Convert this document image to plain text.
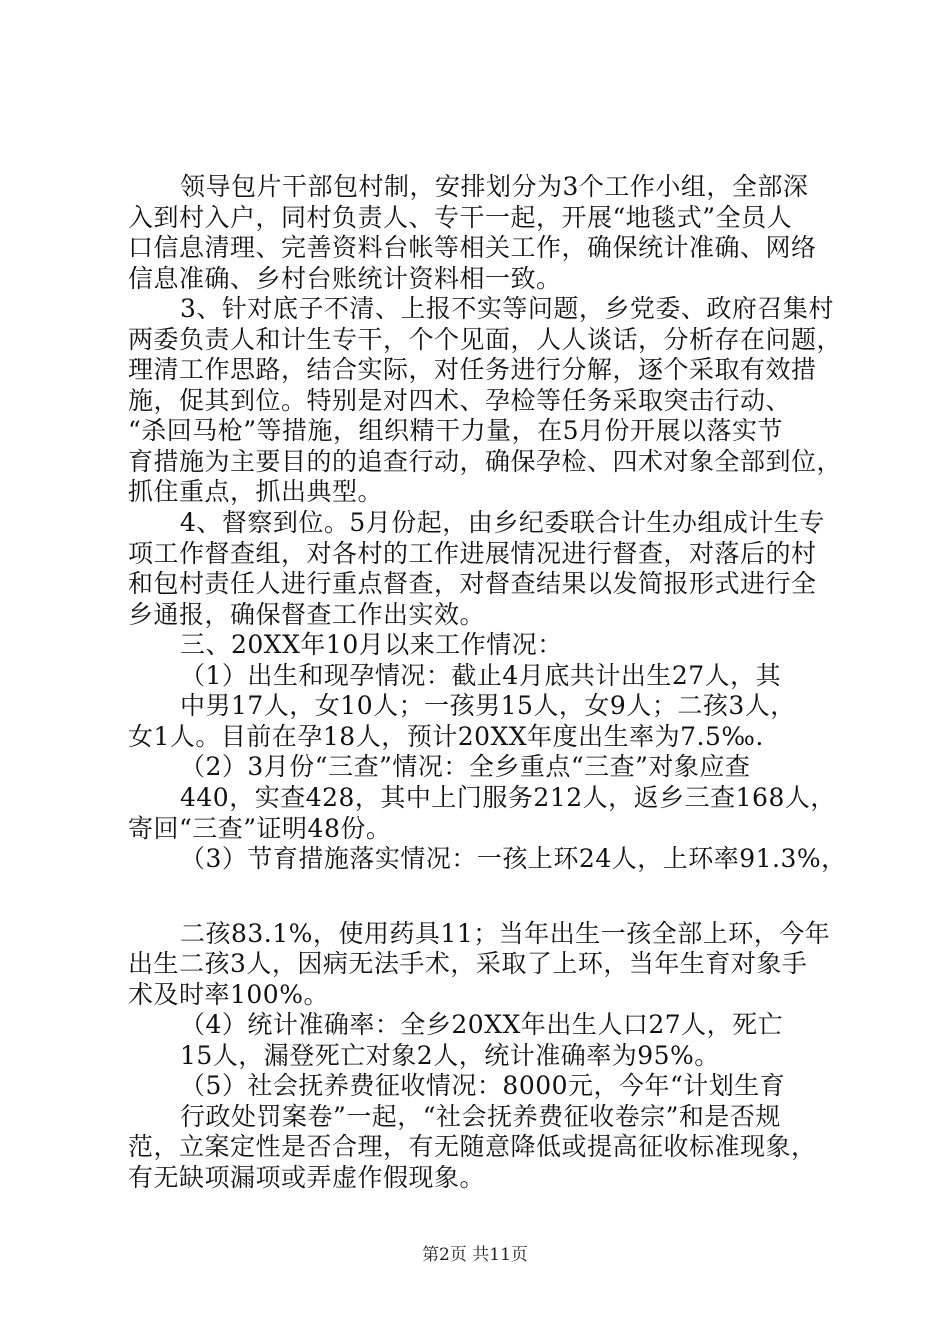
领导包片干部包村制，安排划分为3个工作小组，全部深
入到村入户，同村负责人、专干一起，开展“地毯式”全员人
口信息清理、完善资料台帐等相关工作，确保统计准确、网络
信息准确、乡村台账统计资料相一致。
3、针对底子不清、上报不实等问题，乡党委、政府召集村
两委负责人和计生专干，个个见面，人人谈话，分析存在问题，
理清工作思路，结合实际，对任务进行分解，逐个采取有效措
施，促其到位。特别是对四术、孕检等任务采取突击行动、
“杀回马枪”等措施，组织精干力量，在5月份开展以落实节
育措施为主要目的的追查行动，确保孕检、四术对象全部到位，
抓住重点，抓出典型。
4、督察到位。5月份起，由乡纪委联合计生办组成计生专
项工作督查组，对各村的工作进展情况进行督查，对落后的村
和包村责任人进行重点督查，对督查结果以发简报形式进行全
乡通报，确保督查工作出实效。
三、20XX年10月以来工作情况：
（1）出生和现孕情况：截止4月底共计出生27人，其
中男17人，女10人；一孩男15人，女9人；二孩3人，
女1人。目前在孕18人，预计20XX年度出生率为7.5‰.
（2）3月份“三查”情况：全乡重点“三查”对象应查
440，实查428，其中上门服务212人，返乡三查168人，
寄回“三查”证明48份。
（3）节育措施落实情况：一孩上环24人，上环率91.3%，
二孩83.1%，使用药具11；当年出生一孩全部上环，今年
出生二孩3人，因病无法手术，采取了上环，当年生育对象手
术及时率100%。
（4）统计准确率：全乡20XX年出生人口27人，死亡
15人，漏登死亡对象2人，统计准确率为95%。
（5）社会抚养费征收情况：8000元，今年“计划生育
行政处罚案卷”一起，“社会抚养费征收卷宗”和是否规
范，立案定性是否合理，有无随意降低或提高征收标准现象，
有无缺项漏项或弄虚作假现象。
第2页 共11页
